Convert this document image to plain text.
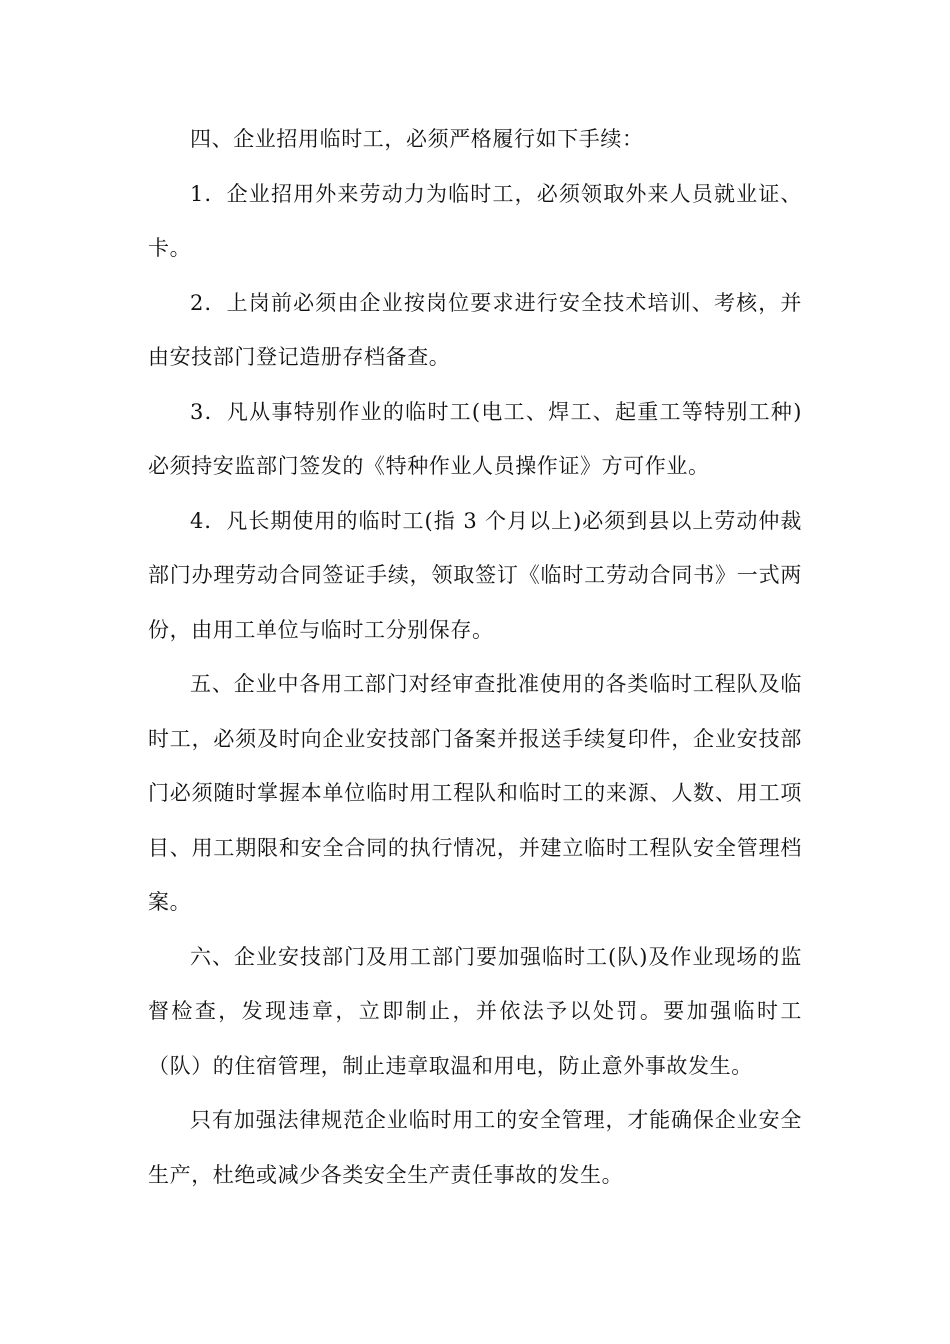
四、企业招用临时工，必须严格履行如下手续：

1．企业招用外来劳动力为临时工，必须领取外来人员就业证、卡。

2．上岗前必须由企业按岗位要求进行安全技术培训、考核，并由安技部门登记造册存档备查。

3．凡从事特别作业的临时工(电工、焊工、起重工等特别工种)必须持安监部门签发的《特种作业人员操作证》方可作业。

4．凡长期使用的临时工(指 3 个月以上)必须到县以上劳动仲裁部门办理劳动合同签证手续，领取签订《临时工劳动合同书》一式两份，由用工单位与临时工分别保存。

五、企业中各用工部门对经审查批准使用的各类临时工程队及临时工，必须及时向企业安技部门备案并报送手续复印件，企业安技部门必须随时掌握本单位临时用工程队和临时工的来源、人数、用工项目、用工期限和安全合同的执行情况，并建立临时工程队安全管理档案。

六、企业安技部门及用工部门要加强临时工(队)及作业现场的监督检查，发现违章，立即制止，并依法予以处罚。要加强临时工（队）的住宿管理，制止违章取温和用电，防止意外事故发生。

只有加强法律规范企业临时用工的安全管理，才能确保企业安全生产，杜绝或减少各类安全生产责任事故的发生。
